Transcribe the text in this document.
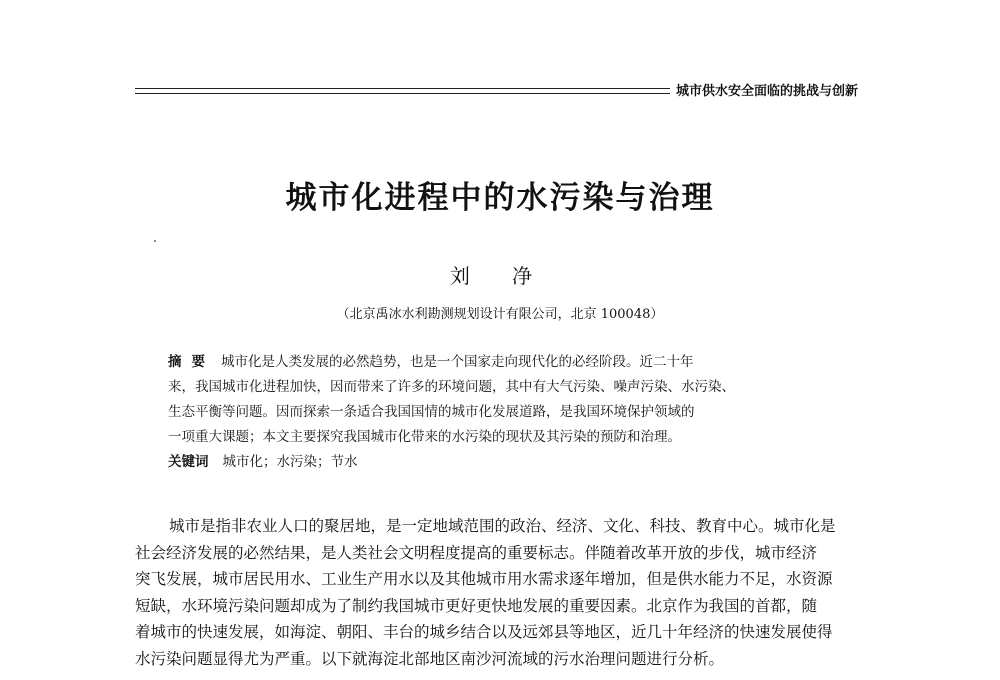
城市供水安全面临的挑战与创新
城市化进程中的水污染与治理
刘 净
（北京禹冰水利勘测规划设计有限公司，北京 100048）
摘要 城市化是人类发展的必然趋势，也是一个国家走向现代化的必经阶段。近二十年
来，我国城市化进程加快，因而带来了许多的环境问题，其中有大气污染、噪声污染、水污染、
生态平衡等问题。因而探索一条适合我国国情的城市化发展道路，是我国环境保护领域的
一项重大课题；本文主要探究我国城市化带来的水污染的现状及其污染的预防和治理。
关键词 城市化；水污染；节水
城市是指非农业人口的聚居地，是一定地域范围的政治、经济、文化、科技、教育中心。城市化是
社会经济发展的必然结果，是人类社会文明程度提高的重要标志。伴随着改革开放的步伐，城市经济
突飞发展，城市居民用水、工业生产用水以及其他城市用水需求逐年增加，但是供水能力不足，水资源
短缺，水环境污染问题却成为了制约我国城市更好更快地发展的重要因素。北京作为我国的首都，随
着城市的快速发展，如海淀、朝阳、丰台的城乡结合以及远郊县等地区，近几十年经济的快速发展使得
水污染问题显得尤为严重。以下就海淀北部地区南沙河流域的污水治理问题进行分析。
